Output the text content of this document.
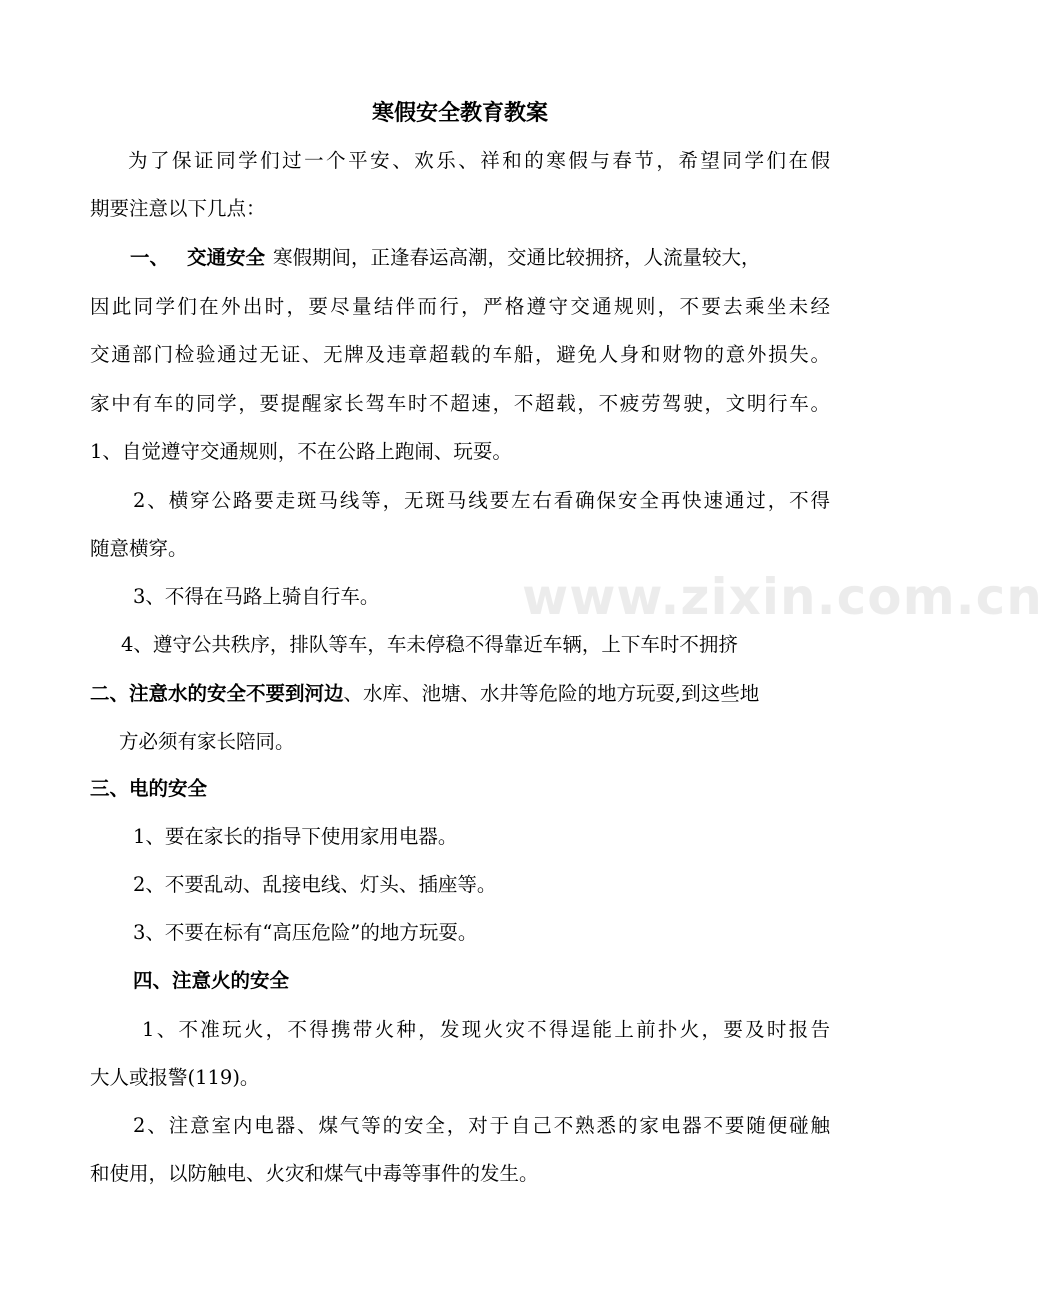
www.zixin.com.cn
寒假安全教育教案
为了保证同学们过一个平安、欢乐、祥和的寒假与春节，希望同学们在假
期要注意以下几点：
一、 交通安全 寒假期间，正逢春运高潮，交通比较拥挤，人流量较大，
因此同学们在外出时，要尽量结伴而行，严格遵守交通规则，不要去乘坐未经
交通部门检验通过无证、无牌及违章超载的车船，避免人身和财物的意外损失。
家中有车的同学，要提醒家长驾车时不超速，不超载，不疲劳驾驶，文明行车。
1、自觉遵守交通规则，不在公路上跑闹、玩耍。
2、横穿公路要走斑马线等，无斑马线要左右看确保安全再快速通过，不得
随意横穿。
3、不得在马路上骑自行车。
4、遵守公共秩序，排队等车，车未停稳不得靠近车辆，上下车时不拥挤
二、注意水的安全不要到河边、水库、池塘、水井等危险的地方玩耍,到这些地
方必须有家长陪同。
三、电的安全
1、要在家长的指导下使用家用电器。
2、不要乱动、乱接电线、灯头、插座等。
3、不要在标有“高压危险”的地方玩耍。
四、注意火的安全
1、不准玩火，不得携带火种，发现火灾不得逞能上前扑火，要及时报告
大人或报警(119)。
2、注意室内电器、煤气等的安全，对于自己不熟悉的家电器不要随便碰触
和使用，以防触电、火灾和煤气中毒等事件的发生。
